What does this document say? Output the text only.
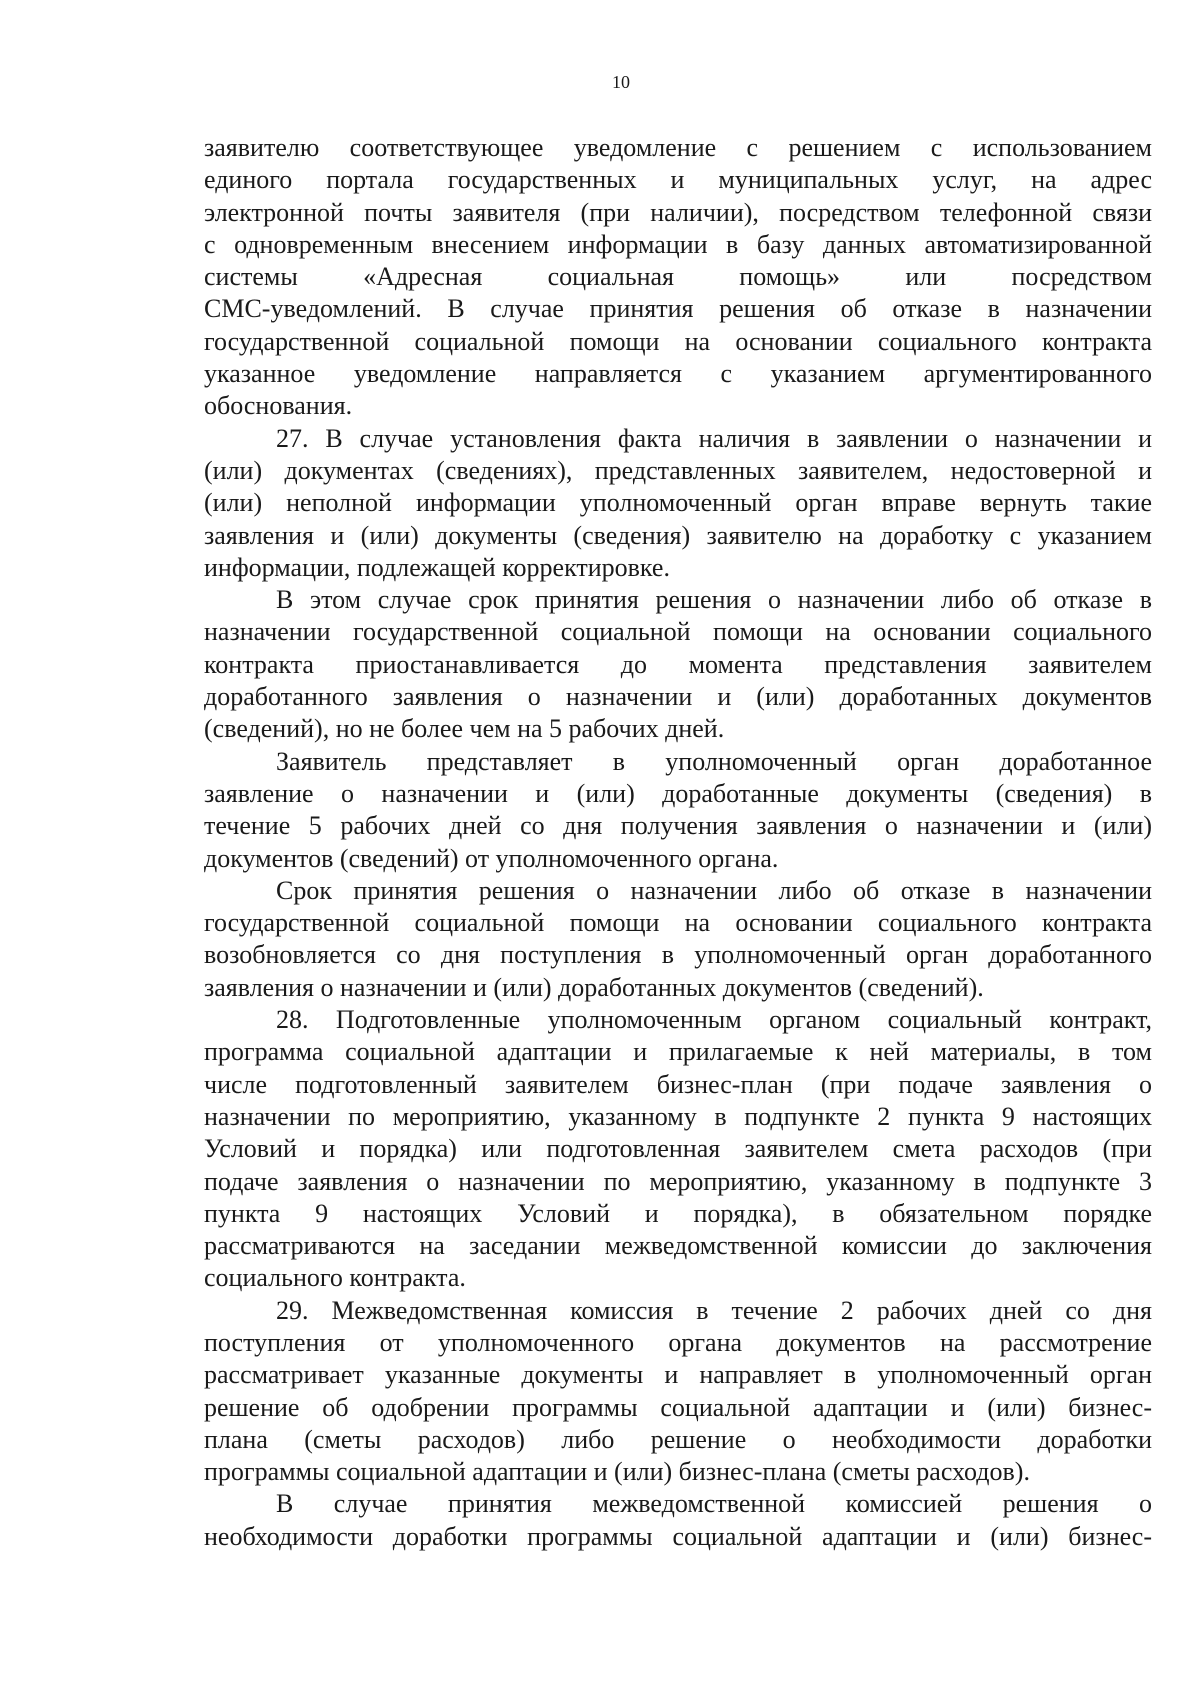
10

заявителю соответствующее уведомление с решением с использованием

единого портала государственных и муниципальных услуг, на адрес

электронной почты заявителя (при наличии), посредством телефонной связи

с одновременным внесением информации в базу данных автоматизированной

системы «Адресная социальная помощь» или посредством

СМС-уведомлений. В случае принятия решения об отказе в назначении

государственной социальной помощи на основании социального контракта

указанное уведомление направляется с указанием аргументированного

обоснования.

27. В случае установления факта наличия в заявлении о назначении и

(или) документах (сведениях), представленных заявителем, недостоверной и

(или) неполной информации уполномоченный орган вправе вернуть такие

заявления и (или) документы (сведения) заявителю на доработку с указанием

информации, подлежащей корректировке.

В этом случае срок принятия решения о назначении либо об отказе в

назначении государственной социальной помощи на основании социального

контракта приостанавливается до момента представления заявителем

доработанного заявления о назначении и (или) доработанных документов

(сведений), но не более чем на 5 рабочих дней.

Заявитель представляет в уполномоченный орган доработанное

заявление о назначении и (или) доработанные документы (сведения) в

течение 5 рабочих дней со дня получения заявления о назначении и (или)

документов (сведений) от уполномоченного органа.

Срок принятия решения о назначении либо об отказе в назначении

государственной социальной помощи на основании социального контракта

возобновляется со дня поступления в уполномоченный орган доработанного

заявления о назначении и (или) доработанных документов (сведений).

28. Подготовленные уполномоченным органом социальный контракт,

программа социальной адаптации и прилагаемые к ней материалы, в том

числе подготовленный заявителем бизнес-план (при подаче заявления о

назначении по мероприятию, указанному в подпункте 2 пункта 9 настоящих

Условий и порядка) или подготовленная заявителем смета расходов (при

подаче заявления о назначении по мероприятию, указанному в подпункте 3

пункта 9 настоящих Условий и порядка), в обязательном порядке

рассматриваются на заседании межведомственной комиссии до заключения

социального контракта.

29. Межведомственная комиссия в течение 2 рабочих дней со дня

поступления от уполномоченного органа документов на рассмотрение

рассматривает указанные документы и направляет в уполномоченный орган

решение об одобрении программы социальной адаптации и (или) бизнес-

плана (сметы расходов) либо решение о необходимости доработки

программы социальной адаптации и (или) бизнес-плана (сметы расходов).

В случае принятия межведомственной комиссией решения о

необходимости доработки программы социальной адаптации и (или) бизнес-
